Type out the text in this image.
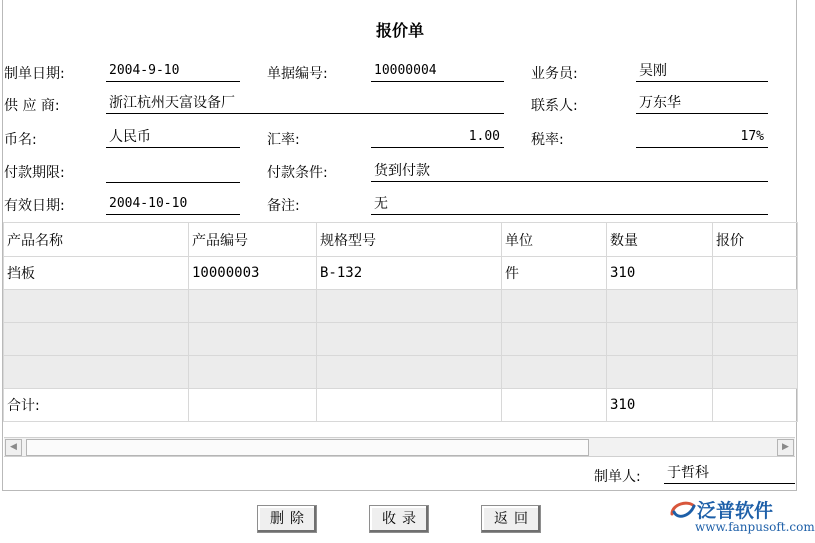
报价单
制单日期:	2004-9-10	单据编号:	10000004	业务员:	吴刚
供 应 商:	浙江杭州天富设备厂	联系人:	万东华
币名:	人民币	汇率:	1.00 税率:	17%
付款期限:	付款条件:	货到付款
有效日期:	2004-10-10	备注:	无
产品名称	产品编号	规格型号	单位	数量	报价
挡板	10000003	B-132	件	310	

合计:				310	
◀	▶
制单人: 于哲科
删除	收录	返回	泛普软件
www.fanpusoft.com
